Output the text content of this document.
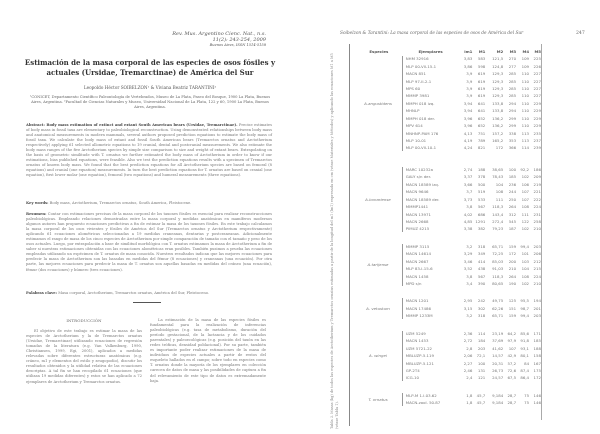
Rev. Mus. Argentino Cienc. Nat., n.s.
11(2): 243-254, 2009
Buenos Aires, ISSN 1514-5158
Estimación de la masa corporal de las especies de osos fósiles y actuales (Ursidae, Tremarctinae) de América del Sur
Leopoldo Héctor SOIBELZON¹ & Viviana Beatriz TARANTINI²
¹CONICET, Departamento Científico Paleontología de Vertebrados, Museo de La Plata, Paseo del Bosque, 1900 La Plata, Buenos Aires, Argentina. ²Facultad de Ciencias Naturales y Museo, Universidad Nacional de La Plata, 122 y 60, 1900 La Plata, Buenos Aires, Argentina.
Abstract: Body mass estimation of extinct and extant South American bears (Ursidae, Tremarctinae). Precise estimates of body mass in fossil taxa are elementary to paleobiological reconstruction. Using demonstrated relationships between body mass and anatomical measurements in modern mammals, several authors proposed prediction equations to estimate the body mass of fossil taxa. We calculate the body mass of extant and fossil South American bears (Tremarctos ornatus and Arctotherium respectively) applying 61 selected allometric equations to 19 cranial, dental and postcranial measurements. We also estimate the body mass ranges of the five Arctotherium species by simple size comparison to size and weight of extant bears. Extrapolating on the basis of geometric similitude with T. ornatus we further estimated the body mass of Arctotherium in order to know if our estimations, bias published equations, were feasible. Also we test the prediction equations results with a specimen of Tremarctos ornatus of known body mass. We found that the best prediction equations for all Arctotherium species are based on femoral (8 equations) and cranial (one equation) measurements. In turn the best prediction equations for T. ornatus are based on cranial (one equation), first lower molar (one equation), femoral (two equations) and humeral measurements (three equations).
Key words: Body mass, Arctotherium, Tremarctos ornatus, South America, Pleistocene.
Resumen: Contar con estimaciones precisas de la masa corporal de los taxones fósiles es esencial para realizar reconstrucciones paleobiológicas. Empleando relaciones demostradas entre la masa corporal y medidas anatómicas en mamíferos modernos algunos autores han propuesto ecuaciones predictivas a fin de estimar la masa de los taxones fósiles. En este trabajo calculamos la masa corporal de los osos vivientes y fósiles de América del Sur (Tremarctos ornatus y Arctotherium respectivamente) aplicando 61 ecuaciones alométricas seleccionadas a 19 medidas craneanas, dentarias y postcraneanas. Adicionalmente estimamos el rango de masa de los cinco especies de Arctotherium por simple comparación de tamaño con el tamaño y peso de los osos actuales. Luego, por extrapolación a base de similitud morfológica con T. ornatus estimamos la masa de Arctotherium a fin de saber si nuestras estimaciones obtenidas con las ecuaciones alométricas eran posibles. También pusimos a prueba las ecuaciones empleadas utilizando un espécimen de T. ornatus de masa conocida. Nuestros resultados indican que las mejores ecuaciones para predecir la masa de Arctotherium son las basadas en medidas del fémur (8 ecuaciones) y craneanas (una ecuación). Por otra parte, las mejores ecuaciones para predecir la masa de T. ornatus son aquellas basadas en medidas del cráneo (una ecuación), fémur (dos ecuaciones) y húmero (tres ecuaciones).
Palabras clave: Masa corporal, Arctotherium, Tremarctos ornatus, América del Sur, Pleistoceno.
INTRODUCCIÓN

El objetivo de este trabajo es estimar la masa de las especies de Arctotherium y la de Tremarctos ornatus (Ursidae, Tremarctinae) utilizando ecuaciones de regresión tomadas de la literatura (e.g. Van Valkenburg, 1990, Christiansen, 1999, Egi, 2001), aplicados a medidas relevadas sobre diferentes estructuras anatómicas (e.g. cráneo, m1 y elementos del estilo y zeugopodio), discutir los resultados obtenidos y la utilidad relativa de las ecuaciones descriptas. A tal fin se han recopilado 61 ecuaciones (que utilizan 19 medidas diferentes) y estos se han aplicado a 72 ejemplares de Arctotherium y Tremarctos ornatus.

La estimación de la masa de las especies fósiles es fundamental para la realización de inferencias paleobiológicas (e.g. tasa de metabolismo, duración del período gestacional, de la lactancia y de los cuidados parentales) y paleoecológicas (e.g. posición del taxón en las redes tróficas, densidad poblacional). Por su parte, también es importante poder realizar estimaciones de la masa de individuos de especies actuales a partir de restos del esqueleto hallados en el campo; sobre todo en especies como T. ornatus donde la mayoría de los ejemplares en colección carecen de datos de masa y las posibilidades de captura a fin del relevamiento de este tipo de datos es extremadamente baja.

Soibelzon & Tarantini: La masa corporal de las especies de osos de América del Sur	247
Tabla 3. Masas (kg) de todos las especies de Arctotherium y Tremarctos ornatus estimadas a partir de la longitud del m1 (lm1) expresada en cm (véase Materiales y Métodos) y aplicando las ecuaciones M1 a M5 (véase Tabla 1).
Especies	Ejemplares	lm1	M1	M2	M3	M4	M5
A.angustidens
NHM 32916	3,83	583	121,5	270	109	225
MLP 00-VII-15-1	3,86	598	124,8	277	109	226
MACN 851	3,9	619	129,3	285	110	227
MLP 97-II-2-1	3,9	619	129,3	285	110	227
MPS 60	3,9	619	129,3	285	110	227
MMMP 3981	3,9	619	129,3	285	110	227
MMPH 018 izq.	3,94	641	133,8	294	110	229
MHNLP	3,94	641	133,8	294	110	229
MMPH 018 der.	3,96	652	136,2	299	110	229
MPV 614	3,96	652	136,2	299	110	229
MNHNP-PAM 176	4,13	751	157,2	338	113	235
MLP 10-01	4,19	789	165,2	353	113	237
MLP 00-VII-10-1	4,24	821	172	366	114	239
A.bonariense
MARC 10232a	2,74	188	38,65	100	92,2	186
GALY s/n der.	3,37	378	78,43	185	102	209
MACN 18589 izq.	3,66	500	104	236	106	219
MACN 9646	3,7	519	108	244	107	221
MACN 18589 der.	3,73	533	111	250	107	222
MMMP1441	3,8	567	118,3	264	108	224
MACN 13971	4,02	686	143,4	312	111	231
MACN 2668	4,85 1291	272,4	545	122	258
PIMUZ 4215	3,38	382	79,23	187	102	210
A.tarijense
MMMP 3115	3,2	318	65,71	159	99,4	203
MACN 14614	3,29	349	72,25	172	101	206
MACN 2667	3,46	414	85,03	200	103	212
MLP 83-I-15-6	3,52	438	91,03	210	104	215
MACN 1458	3,8	567	118,3	264	108	224
MPD s/n	3,4	390	80,65	190	102	210
A. vetustum
MACN 1201	2,95	242	49,75	125	95,5	194
MACN 17486	3,15	302	62,26	151	98,7	201
MMMP 1233M	3,2	318	65,71	159	99,4	203
A. wingei
UZM 5249	2,36	114	23,19	64,2	85,6	171
MACN 1453	2,72	184	37,69	97,9	91,8	185
UZM 5721-22	2,8	203	41,62	107	93,1	188
MBLUZP-5.119	2,06	72,1	14,57	42,9	80,1	158
MBLUZP-5.121	2,27	100	20,31	57,2	84	167
GP-2T4	2,46	131	26,73	72,6	87,4	175
ICG-10	2,4	121	24,57	67,5	86,4	172
T. ornatus
MLP-M 1.I.03.62	1,8	45,7	9,184	28,7	75	146
MACN-zool. 50.87	1,8	45,7	9,184	28,7	75	146
